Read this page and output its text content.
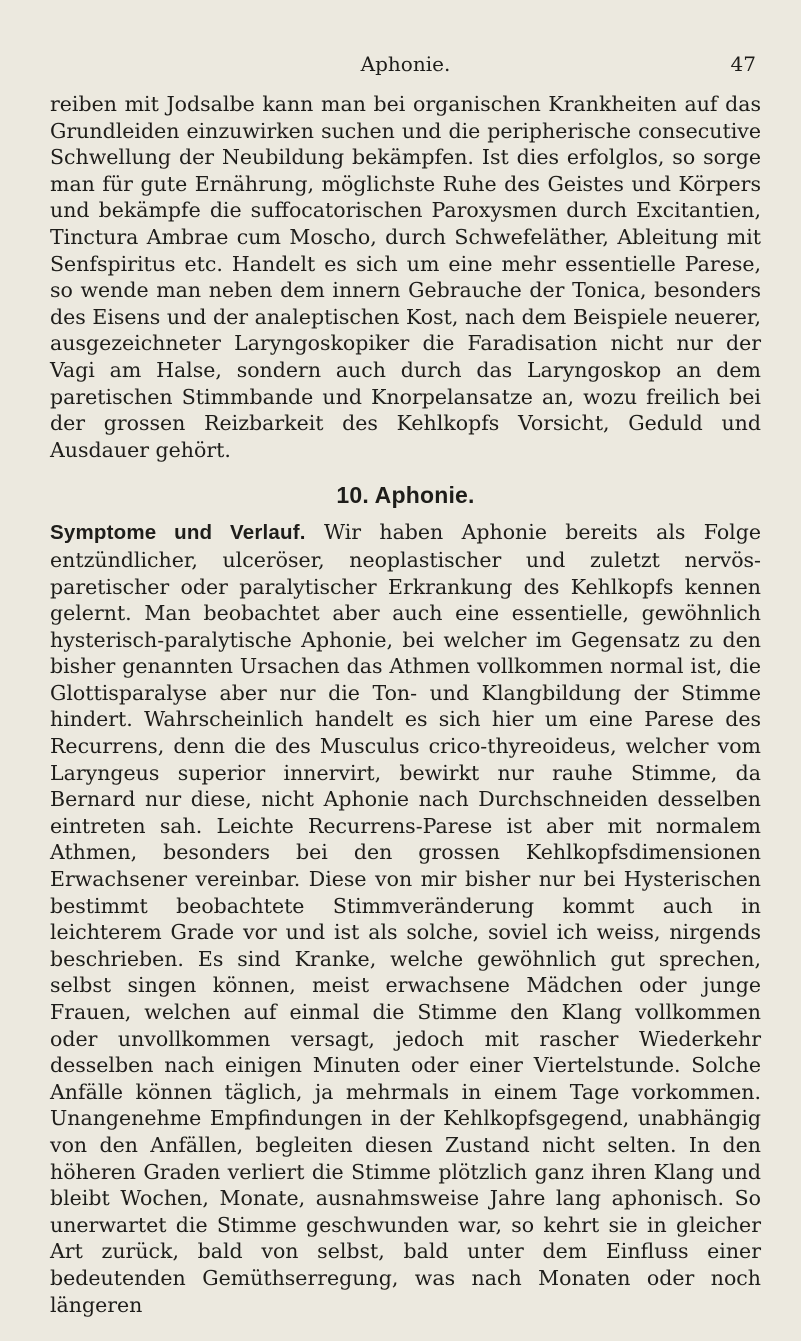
Aphonie.	47

reiben mit Jodsalbe kann man bei organischen Krankheiten auf das Grundleiden einzuwirken suchen und die peripherische consecutive Schwellung der Neubildung bekämpfen. Ist dies erfolglos, so sorge man für gute Ernährung, möglichste Ruhe des Geistes und Körpers und bekämpfe die suffocatorischen Paroxysmen durch Excitantien, Tinctura Ambrae cum Moscho, durch Schwefeläther, Ableitung mit Senfspiritus etc. Handelt es sich um eine mehr essentielle Parese, so wende man neben dem innern Gebrauche der Tonica, besonders des Eisens und der analeptischen Kost, nach dem Beispiele neuerer, ausgezeichneter Laryngoskopiker die Faradisation nicht nur der Vagi am Halse, sondern auch durch das Laryngoskop an dem paretischen Stimmbande und Knorpelansatze an, wozu freilich bei der grossen Reizbarkeit des Kehlkopfs Vorsicht, Geduld und Ausdauer gehört.

10. Aphonie.

Symptome und Verlauf. Wir haben Aphonie bereits als Folge entzündlicher, ulceröser, neoplastischer und zuletzt nervös-paretischer oder paralytischer Erkrankung des Kehlkopfs kennen gelernt. Man beobachtet aber auch eine essentielle, gewöhnlich hysterisch-paralytische Aphonie, bei welcher im Gegensatz zu den bisher genannten Ursachen das Athmen vollkommen normal ist, die Glottisparalyse aber nur die Ton- und Klangbildung der Stimme hindert. Wahrscheinlich handelt es sich hier um eine Parese des Recurrens, denn die des Musculus crico-thyreoideus, welcher vom Laryngeus superior innervirt, bewirkt nur rauhe Stimme, da Bernard nur diese, nicht Aphonie nach Durchschneiden desselben eintreten sah. Leichte Recurrens-Parese ist aber mit normalem Athmen, besonders bei den grossen Kehlkopfsdimensionen Erwachsener vereinbar. Diese von mir bisher nur bei Hysterischen bestimmt beobachtete Stimmveränderung kommt auch in leichterem Grade vor und ist als solche, soviel ich weiss, nirgends beschrieben. Es sind Kranke, welche gewöhnlich gut sprechen, selbst singen können, meist erwachsene Mädchen oder junge Frauen, welchen auf einmal die Stimme den Klang vollkommen oder unvollkommen versagt, jedoch mit rascher Wiederkehr desselben nach einigen Minuten oder einer Viertelstunde. Solche Anfälle können täglich, ja mehrmals in einem Tage vorkommen. Unangenehme Empfindungen in der Kehlkopfsgegend, unabhängig von den Anfällen, begleiten diesen Zustand nicht selten. In den höheren Graden verliert die Stimme plötzlich ganz ihren Klang und bleibt Wochen, Monate, ausnahmsweise Jahre lang aphonisch. So unerwartet die Stimme geschwunden war, so kehrt sie in gleicher Art zurück, bald von selbst, bald unter dem Einfluss einer bedeutenden Gemüthserregung, was nach Monaten oder noch längeren
